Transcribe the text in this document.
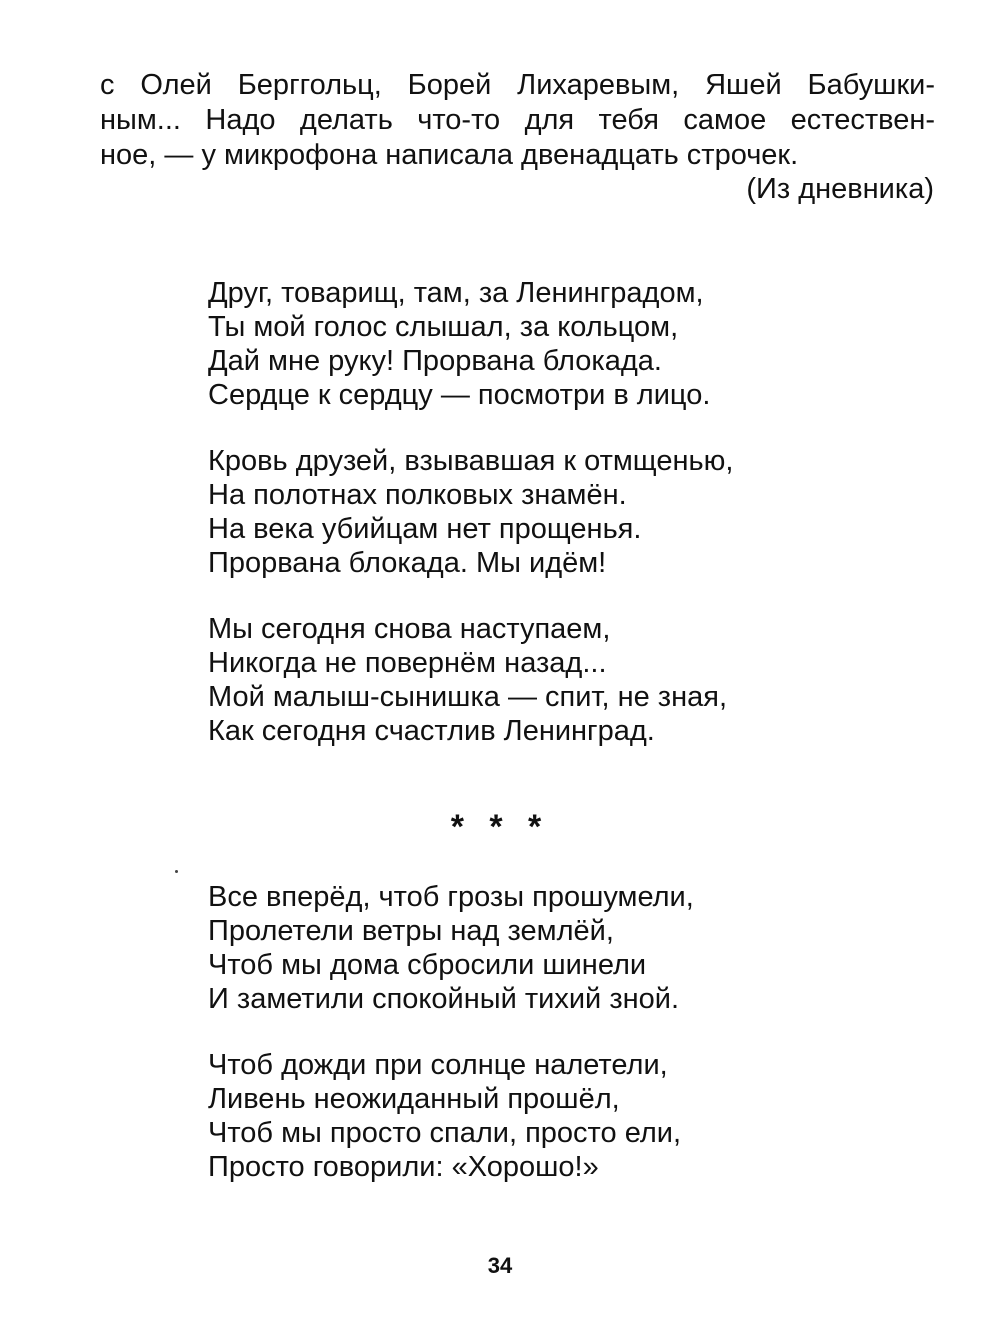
с Олей Берггольц, Борей Лихаревым, Яшей Бабушки-
ным... Надо делать что-то для тебя самое естествен-
ное, — у микрофона написала двенадцать строчек.
(Из дневника)
Друг, товарищ, там, за Ленинградом,
Ты мой голос слышал, за кольцом,
Дай мне руку! Прорвана блокада.
Сердце к сердцу — посмотри в лицо.
Кровь друзей, взывавшая к отмщенью,
На полотнах полковых знамён.
На века убийцам нет прощенья.
Прорвана блокада. Мы идём!
Мы сегодня снова наступаем,
Никогда не повернём назад...
Мой малыш-сынишка — спит, не зная,
Как сегодня счастлив Ленинград.
* * *
Все вперёд, чтоб грозы прошумели,
Пролетели ветры над землёй,
Чтоб мы дома сбросили шинели
И заметили спокойный тихий зной.
Чтоб дожди при солнце налетели,
Ливень неожиданный прошёл,
Чтоб мы просто спали, просто ели,
Просто говорили: «Хорошо!»
34
